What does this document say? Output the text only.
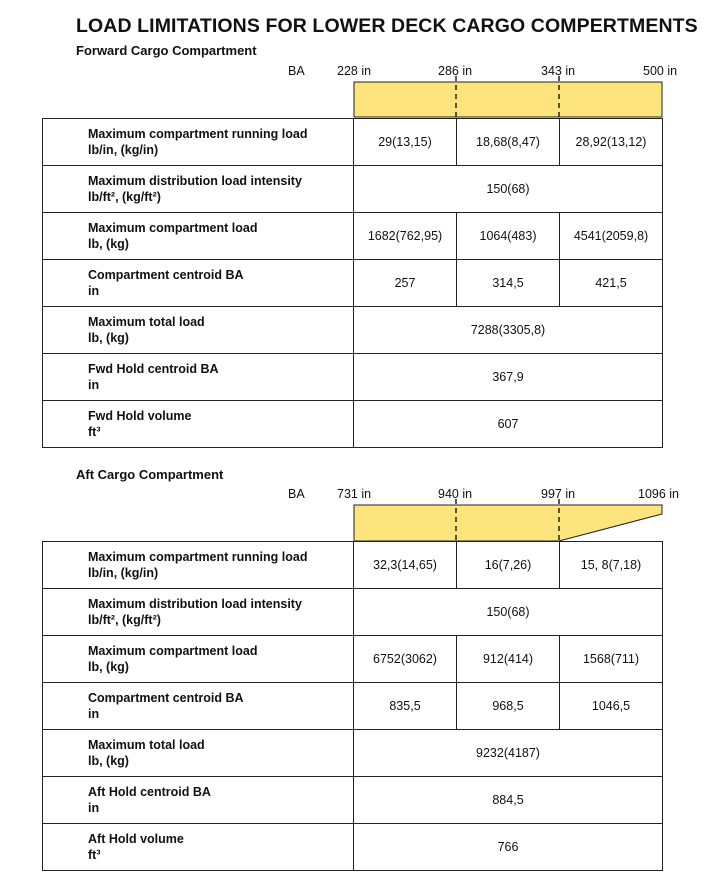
LOAD LIMITATIONS FOR LOWER DECK CARGO COMPERTMENTS
Forward Cargo Compartment
BA	228 in	286 in	343 in	500 in
Maximum compartment running load
lb/in, (kg/in)	29(13,15)	18,68(8,47)	28,92(13,12)

Maximum distribution load intensity
lb/ft², (kg/ft²)	150(68)		

Maximum compartment load
lb, (kg)	1682(762,95)	1064(483)	4541(2059,8)

Compartment centroid BA
in	257	314,5	421,5

Maximum total load
lb, (kg)	7288(3305,8)		

Fwd Hold centroid BA
in	367,9		

Fwd Hold volume
ft³	607		
Aft Cargo Compartment
BA	731 in	940 in	997 in	1096 in
Maximum compartment running load
lb/in, (kg/in)	32,3(14,65)	16(7,26)	15, 8(7,18)

Maximum distribution load intensity
lb/ft², (kg/ft²)	150(68)		

Maximum compartment load
lb, (kg)	6752(3062)	912(414)	1568(711)

Compartment centroid BA
in	835,5	968,5	1046,5

Maximum total load
lb, (kg)	9232(4187)		

Aft Hold centroid BA
in	884,5		

Aft Hold volume
ft³	766		
